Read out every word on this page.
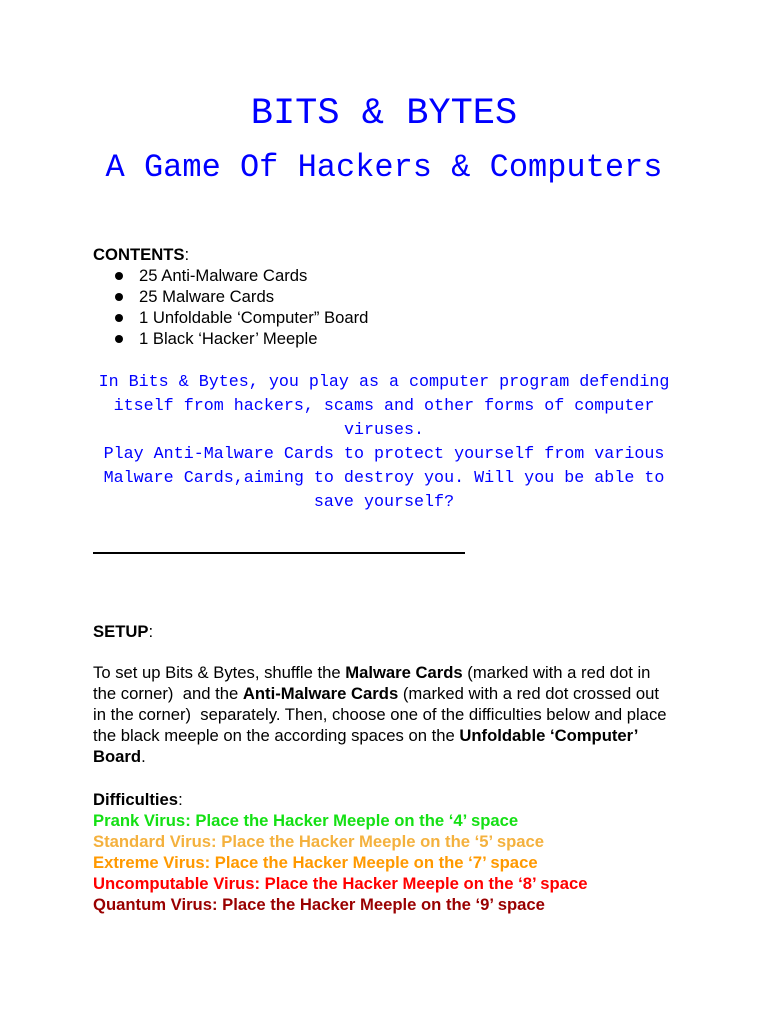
BITS & BYTES
A Game Of Hackers & Computers
CONTENTS:
25 Anti-Malware Cards
25 Malware Cards
1 Unfoldable ‘Computer” Board
1 Black ‘Hacker’ Meeple

In Bits & Bytes, you play as a computer program defending itself from hackers, scams and other forms of computer viruses.

Play Anti-Malware Cards to protect yourself from various Malware Cards,aiming to destroy you. Will you be able to save yourself?

SETUP:

To set up Bits & Bytes, shuffle the Malware Cards (marked with a red dot in the corner)  and the Anti-Malware Cards (marked with a red dot crossed out in the corner)  separately. Then, choose one of the difficulties below and place the black meeple on the according spaces on the Unfoldable ‘Computer’ Board.

Difficulties:
Prank Virus: Place the Hacker Meeple on the ‘4’ space
Standard Virus: Place the Hacker Meeple on the ‘5’ space
Extreme Virus: Place the Hacker Meeple on the ‘7’ space
Uncomputable Virus: Place the Hacker Meeple on the ‘8’ space
Quantum Virus: Place the Hacker Meeple on the ‘9’ space
